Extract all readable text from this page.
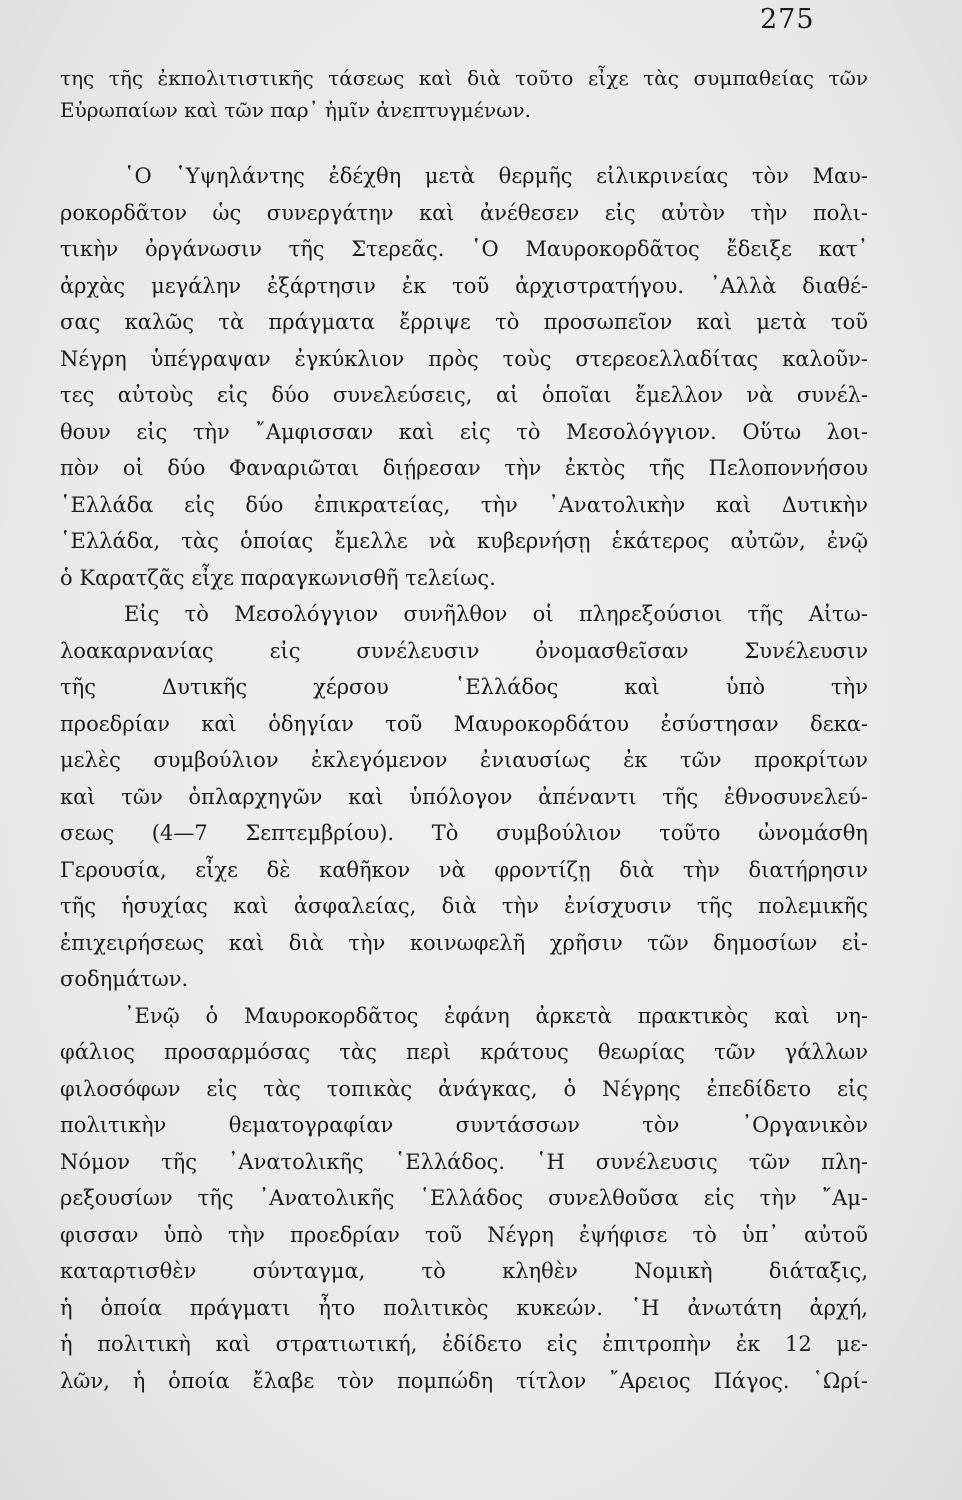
275
της τῆς ἐκπολιτιστικῆς τάσεως καὶ διὰ τοῦτο εἶχε τὰς συμπαθείας τῶν
Εὐρωπαίων καὶ τῶν παρ᾿ ἡμῖν ἀνεπτυγμένων.
῾Ο ῾Υψηλάντης ἐδέχθη μετὰ θερμῆς εἰλικρινείας τὸν Μαυ-
ροκορδᾶτον ὡς συνεργάτην καὶ ἀνέθεσεν εἰς αὐτὸν τὴν πολι-
τικὴν ὀργάνωσιν τῆς Στερεᾶς. ῾Ο Μαυροκορδᾶτος ἔδειξε κατ᾿
ἀρχὰς μεγάλην ἐξάρτησιν ἐκ τοῦ ἀρχιστρατήγου. ᾿Αλλὰ διαθέ-
σας καλῶς τὰ πράγματα ἔρριψε τὸ προσωπεῖον καὶ μετὰ τοῦ
Νέγρη ὑπέγραψαν ἐγκύκλιον πρὸς τοὺς στερεοελλαδίτας καλοῦν-
τες αὐτοὺς εἰς δύο συνελεύσεις, αἱ ὁποῖαι ἔμελλον νὰ συνέλ-
θουν εἰς τὴν ῎Αμφισσαν καὶ εἰς τὸ Μεσολόγγιον. Οὕτω λοι-
πὸν οἱ δύο Φαναριῶται διῄρεσαν τὴν ἐκτὸς τῆς Πελοποννήσου
῾Ελλάδα εἰς δύο ἐπικρατείας, τὴν ᾿Ανατολικὴν καὶ Δυτικὴν
῾Ελλάδα, τὰς ὁποίας ἔμελλε νὰ κυβερνήσῃ ἑκάτερος αὐτῶν, ἐνῷ
ὁ Καρατζᾶς εἶχε παραγκωνισθῆ τελείως.
Εἰς τὸ Μεσολόγγιον συνῆλθον οἱ πληρεξούσιοι τῆς Αἰτω-
λοακαρνανίας εἰς συνέλευσιν ὀνομασθεῖσαν Συνέλευσιν
τῆς Δυτικῆς χέρσου ῾Ελλάδος καὶ ὑπὸ τὴν
προεδρίαν καὶ ὁδηγίαν τοῦ Μαυροκορδάτου ἐσύστησαν δεκα-
μελὲς συμβούλιον ἐκλεγόμενον ἐνιαυσίως ἐκ τῶν προκρίτων
καὶ τῶν ὁπλαρχηγῶν καὶ ὑπόλογον ἀπέναντι τῆς ἐθνοσυνελεύ-
σεως (4—7 Σεπτεμβρίου). Τὸ συμβούλιον τοῦτο ὠνομάσθη
Γερουσία, εἶχε δὲ καθῆκον νὰ φροντίζῃ διὰ τὴν διατήρησιν
τῆς ἡσυχίας καὶ ἀσφαλείας, διὰ τὴν ἐνίσχυσιν τῆς πολεμικῆς
ἐπιχειρήσεως καὶ διὰ τὴν κοινωφελῆ χρῆσιν τῶν δημοσίων εἰ-
σοδημάτων.
᾿Ενῷ ὁ Μαυροκορδᾶτος ἐφάνη ἀρκετὰ πρακτικὸς καὶ νη-
φάλιος προσαρμόσας τὰς περὶ κράτους θεωρίας τῶν γάλλων
φιλοσόφων εἰς τὰς τοπικὰς ἀνάγκας, ὁ Νέγρης ἐπεδίδετο εἰς
πολιτικὴν θεματογραφίαν συντάσσων τὸν ᾿Οργανικὸν
Νόμον τῆς ᾿Ανατολικῆς ῾Ελλάδος. ῾Η συνέλευσις τῶν πλη-
ρεξουσίων τῆς ᾿Ανατολικῆς ῾Ελλάδος συνελθοῦσα εἰς τὴν ῎Αμ-
φισσαν ὑπὸ τὴν προεδρίαν τοῦ Νέγρη ἐψήφισε τὸ ὑπ᾿ αὐτοῦ
καταρτισθὲν σύνταγμα, τὸ κληθὲν Νομικὴ διάταξις,
ἡ ὁποία πράγματι ἦτο πολιτικὸς κυκεών. ῾Η ἀνωτάτη ἀρχή,
ἡ πολιτικὴ καὶ στρατιωτική, ἐδίδετο εἰς ἐπιτροπὴν ἐκ 12 με-
λῶν, ἡ ὁποία ἔλαβε τὸν πομπώδη τίτλον ῎Αρειος Πάγος. ῾Ωρί-
